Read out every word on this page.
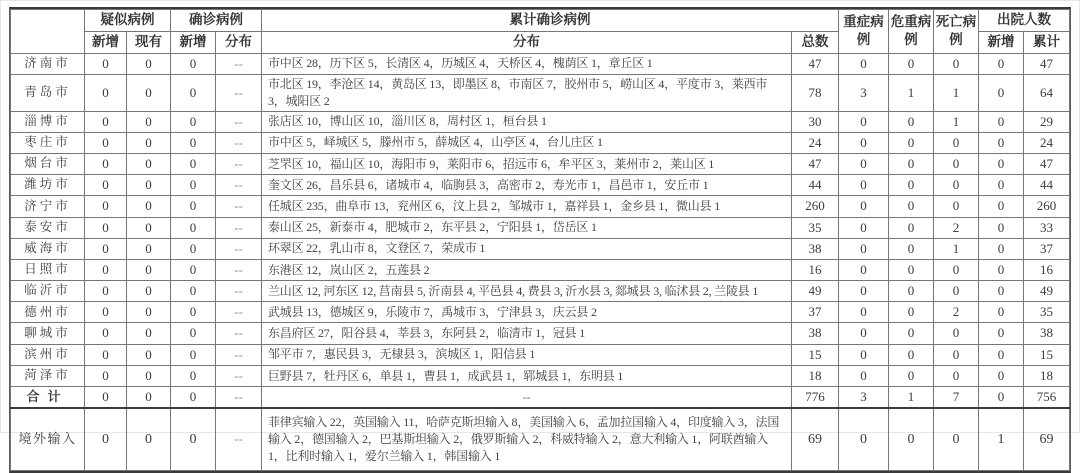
	疑似病例		确诊病例		累计确诊病例		重症病例	危重病例	死亡病例	出院人数	
	新增	现有	新增	分布	分布	总数				新增	累计
济南市	0	0	0	--	市中区 28，历下区 5，长清区 4，历城区 4，天桥区 4，槐荫区 1，章丘区 1	47	0	0	0	0	47
青岛市	0	0	0	--	市北区 19，李沧区 14，黄岛区 13，即墨区 8，市南区 7，胶州市 5，崂山区 4，平度市 3，莱西市 3，城阳区 2	78	3	1	1	0	64
淄博市	0	0	0	--	张店区 10，博山区 10，淄川区 8，周村区 1，桓台县 1	30	0	0	1	0	29
枣庄市	0	0	0	--	市中区 5，峄城区 5，滕州市 5，薛城区 4，山亭区 4，台儿庄区 1	24	0	0	0	0	24
烟台市	0	0	0	--	芝罘区 10，福山区 10，海阳市 9，莱阳市 6，招远市 6，牟平区 3，莱州市 2，莱山区 1	47	0	0	0	0	47
潍坊市	0	0	0	--	奎文区 26，昌乐县 6，诸城市 4，临朐县 3，高密市 2，寿光市 1，昌邑市 1，安丘市 1	44	0	0	0	0	44
济宁市	0	0	0	--	任城区 235，曲阜市 13，兖州区 6，汶上县 2，邹城市 1，嘉祥县 1，金乡县 1，微山县 1	260	0	0	0	0	260
泰安市	0	0	0	--	泰山区 25，新泰市 4，肥城市 2，东平县 2，宁阳县 1，岱岳区 1	35	0	0	2	0	33
威海市	0	0	0	--	环翠区 22，乳山市 8，文登区 7，荣成市 1	38	0	0	1	0	37
日照市	0	0	0	--	东港区 12，岚山区 2，五莲县 2	16	0	0	0	0	16
临沂市	0	0	0	--	兰山区 12, 河东区 12, 莒南县 5, 沂南县 4, 平邑县 4, 费县 3, 沂水县 3, 郯城县 3, 临沭县 2, 兰陵县 1	49	0	0	0	0	49
德州市	0	0	0	--	武城县 13，德城区 9，乐陵市 7，禹城市 3，宁津县 3，庆云县 2	37	0	0	2	0	35
聊城市	0	0	0	--	东昌府区 27，阳谷县 4，莘县 3，东阿县 2，临清市 1，冠县 1	38	0	0	0	0	38
滨州市	0	0	0	--	邹平市 7，惠民县 3，无棣县 3，滨城区 1，阳信县 1	15	0	0	0	0	15
菏泽市	0	0	0	--	巨野县 7，牡丹区 6，单县 1，曹县 1，成武县 1，郓城县 1，东明县 1	18	0	0	0	0	18
合计	0	0	0	--	--	776	3	1	7	0	756
境外输入	0	0	0	--	菲律宾输入 22，英国输入 11，哈萨克斯坦输入 8，美国输入 6，孟加拉国输入 4，印度输入 3，法国输入 2，德国输入 2，巴基斯坦输入 2，俄罗斯输入 2，科威特输入 2，意大利输入 1，阿联酋输入 1，比利时输入 1，爱尔兰输入 1，韩国输入 1	69	0	0	0	1	69
